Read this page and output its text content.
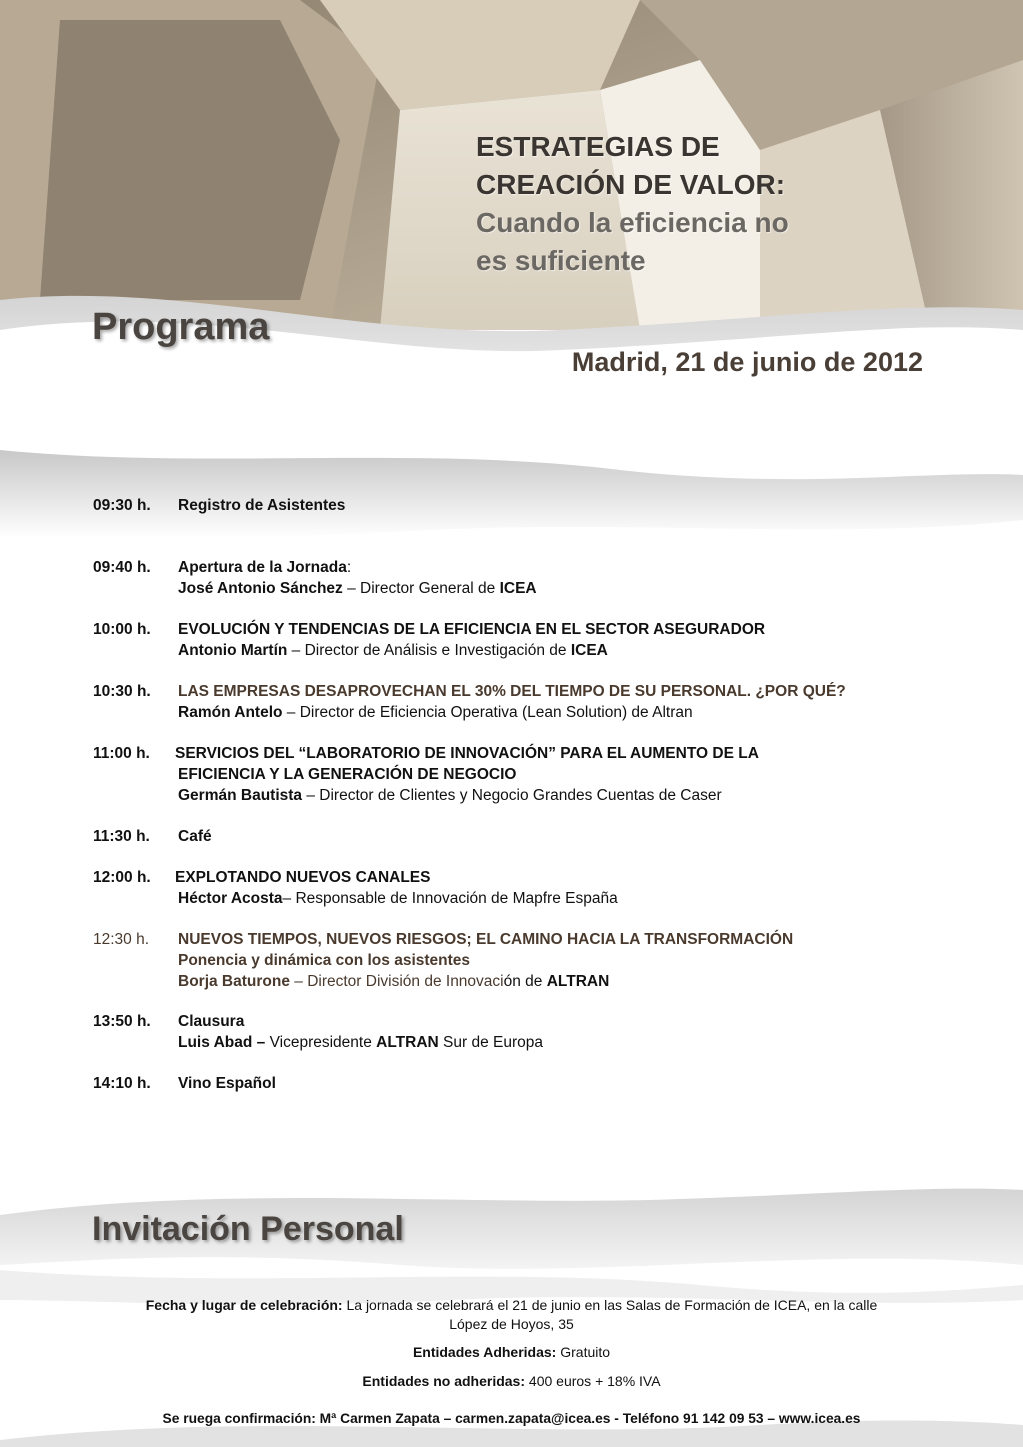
ESTRATEGIAS DE
CREACIÓN DE VALOR:
Cuando la eficiencia no
es suficiente
Programa
Madrid, 21 de junio de 2012
09:30 h.	Registro de Asistentes
09:40 h.	Apertura de la Jornada:
José Antonio Sánchez – Director General de ICEA
10:00 h.	EVOLUCIÓN Y TENDENCIAS DE LA EFICIENCIA EN EL SECTOR ASEGURADOR
Antonio Martín – Director de Análisis e Investigación de ICEA
10:30 h.	LAS EMPRESAS DESAPROVECHAN EL 30% DEL TIEMPO DE SU PERSONAL. ¿POR QUÉ?
Ramón Antelo – Director de Eficiencia Operativa (Lean Solution) de Altran
11:00 h.	SERVICIOS DEL “LABORATORIO DE INNOVACIÓN” PARA EL AUMENTO DE LA
EFICIENCIA Y LA GENERACIÓN DE NEGOCIO
Germán Bautista – Director de Clientes y Negocio Grandes Cuentas de Caser
11:30 h.	Café
12:00 h.	EXPLOTANDO NUEVOS CANALES
Héctor Acosta– Responsable de Innovación de Mapfre España
12:30 h.	NUEVOS TIEMPOS, NUEVOS RIESGOS; EL CAMINO HACIA LA TRANSFORMACIÓN
Ponencia y dinámica con los asistentes
Borja Baturone – Director División de Innovación de ALTRAN
13:50 h.	Clausura
Luis Abad – Vicepresidente ALTRAN Sur de Europa
14:10 h.	Vino Español
Invitación Personal
Fecha y lugar de celebración: La jornada se celebrará el 21 de junio en las Salas de Formación de ICEA, en la calle
López de Hoyos, 35
Entidades Adheridas: Gratuito
Entidades no adheridas: 400 euros + 18% IVA
Se ruega confirmación: Mª Carmen Zapata – carmen.zapata@icea.es - Teléfono 91 142 09 53 – www.icea.es
